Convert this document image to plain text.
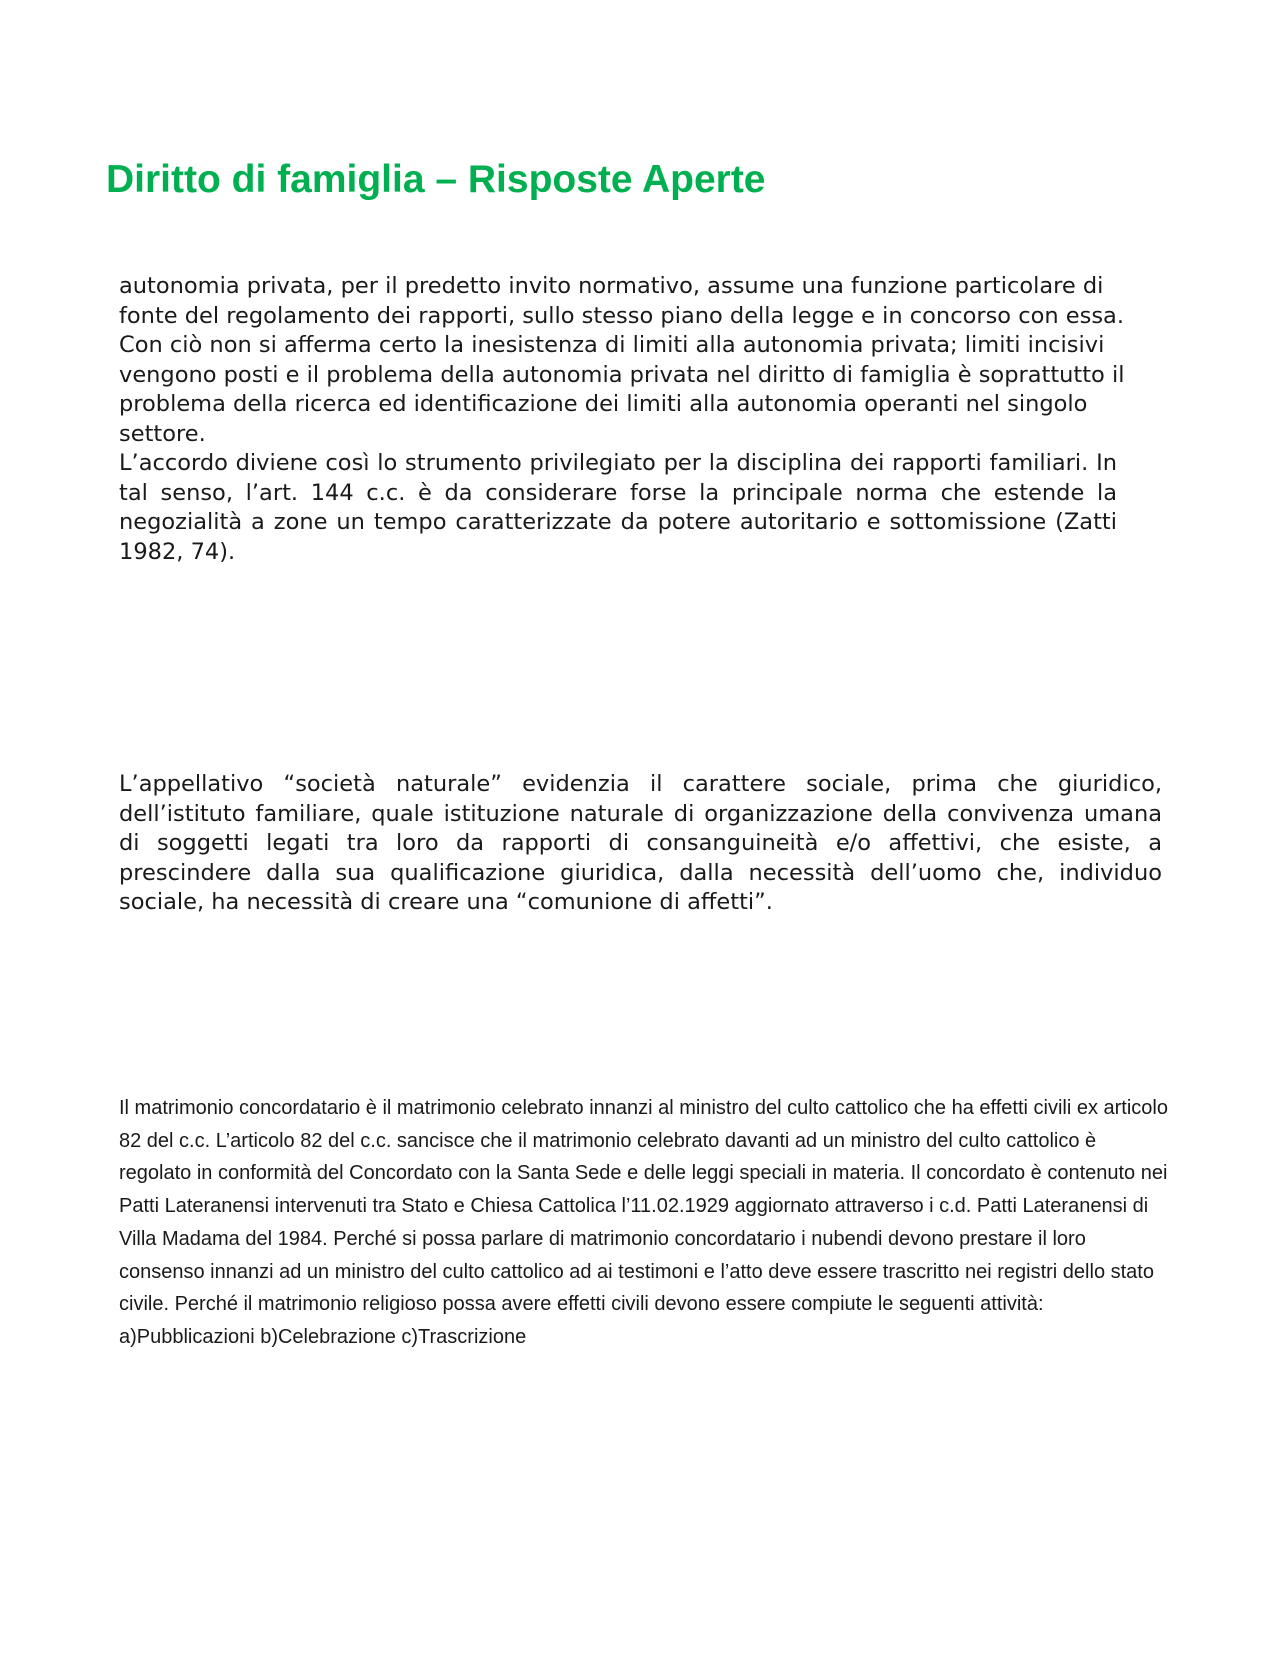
Diritto di famiglia – Risposte Aperte

autonomia privata, per il predetto invito normativo, assume una funzione particolare di fonte del regolamento dei rapporti, sullo stesso piano della legge e in concorso con essa. Con ciò non si afferma certo la inesistenza di limiti alla autonomia privata; limiti incisivi vengono posti e il problema della autonomia privata nel diritto di famiglia è soprattutto il problema della ricerca ed identificazione dei limiti alla autonomia operanti nel singolo settore.

L’accordo diviene così lo strumento privilegiato per la disciplina dei rapporti familiari. In tal senso, l’art. 144 c.c. è da considerare forse la principale norma che estende la negozialità a zone un tempo caratterizzate da potere autoritario e sottomissione (Zatti 1982, 74).

L’appellativo “società naturale” evidenzia il carattere sociale, prima che giuridico, dell’istituto familiare, quale istituzione naturale di organizzazione della convivenza umana di soggetti legati tra loro da rapporti di consanguineità e/o affettivi, che esiste, a prescindere dalla sua qualificazione giuridica, dalla necessità dell’uomo che, individuo sociale, ha necessità di creare una “comunione di affetti”.

Il matrimonio concordatario è il matrimonio celebrato innanzi al ministro del culto cattolico che ha effetti civili ex articolo 82 del c.c. L’articolo 82 del c.c. sancisce che il matrimonio celebrato davanti ad un ministro del culto cattolico è regolato in conformità del Concordato con la Santa Sede e delle leggi speciali in materia. Il concordato è contenuto nei Patti Lateranensi intervenuti tra Stato e Chiesa Cattolica l’11.02.1929 aggiornato attraverso i c.d. Patti Lateranensi di Villa Madama del 1984. Perché si possa parlare di matrimonio concordatario i nubendi devono prestare il loro consenso innanzi ad un ministro del culto cattolico ad ai testimoni e l’atto deve essere trascritto nei registri dello stato civile. Perché il matrimonio religioso possa avere effetti civili devono essere compiute le seguenti attività: a)Pubblicazioni b)Celebrazione c)Trascrizione
